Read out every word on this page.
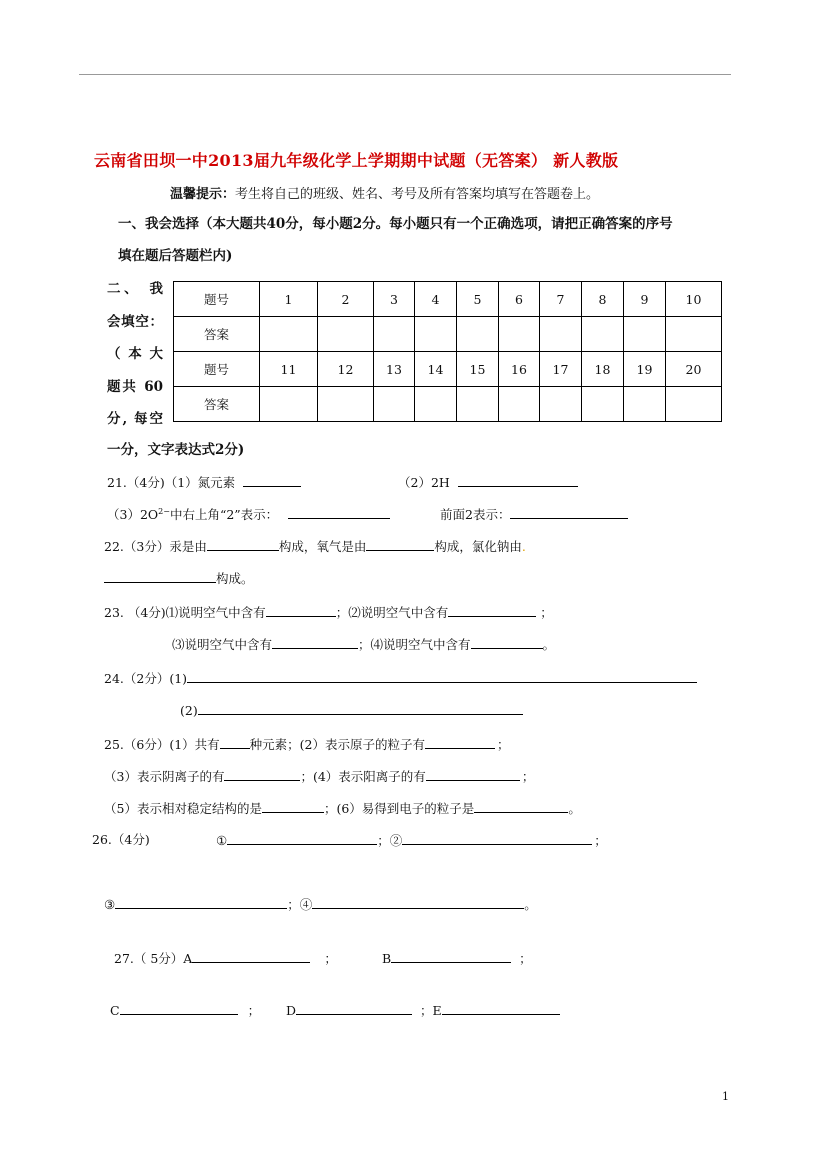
云南省田坝一中2013届九年级化学上学期期中试题（无答案） 新人教版
温馨提示：考生将自己的班级、姓名、考号及所有答案均填写在答题卷上。
一、我会选择（本大题共40分，每小题2分。每小题只有一个正确选项，请把正确答案的序号
填在题后答题栏内)
二、 我
会填空：
（本大
题共 60
分, 每空
一分，文字表达式2分)
题号	1	2	3	4	5	6	7	8	9	10
答案										
题号	11	12	13	14	15	16	17	18	19	20
答案										
21.（4分)（1）氮元素	（2）2H
$(3)2O^{2-}$中右上角“2”表示：	前面2表示：
22.（3分）汞是由	构成，氧气是由	构成，氯化钠由.
构成。
23. （4分)⑴说明空气中含有	；⑵说明空气中含有	；
⑶说明空气中含有	；⑷说明空气中含有	。
24.（2分）(1)
(2)
25.（6分）(1）共有 种元素；(2）表示原子的粒子有	；
（3）表示阴离子的有	；(4）表示阳离子的有	；
（5）表示相对稳定结构的是	；(6）易得到电子的粒子是	。
26.（4分)	①	；②	；
③	；④	。
27.（ 5分）A	；	B	；
C	； D	；E
1
